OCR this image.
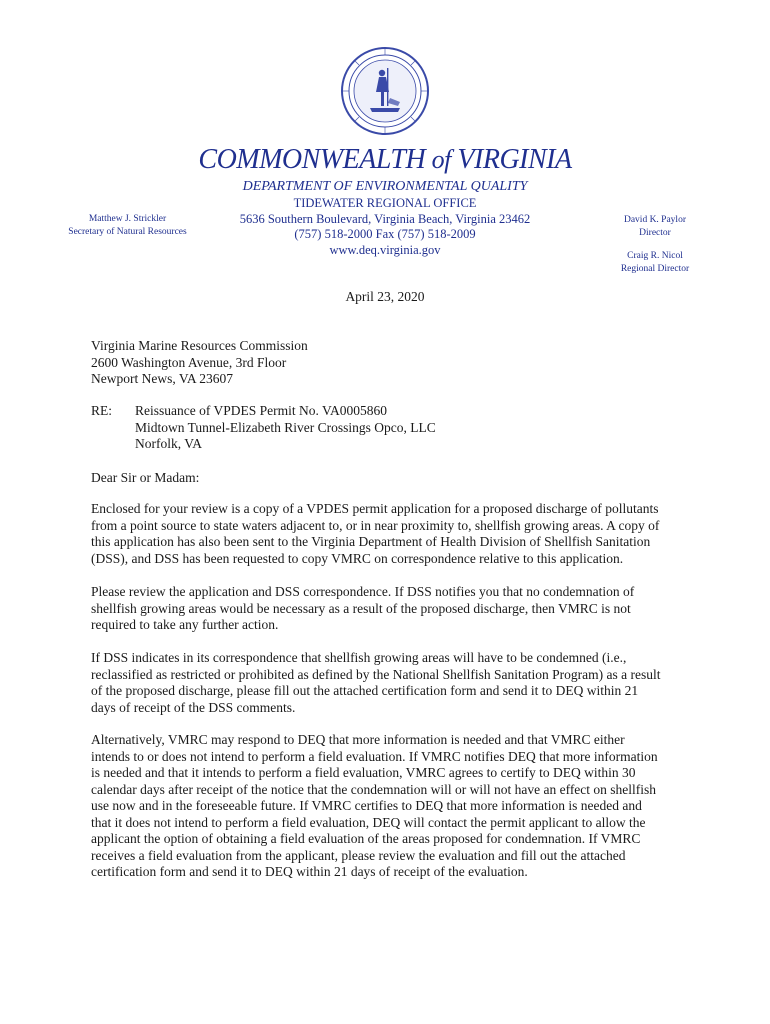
COMMONWEALTH of VIRGINIA
DEPARTMENT OF ENVIRONMENTAL QUALITY
TIDEWATER REGIONAL OFFICE
5636 Southern Boulevard, Virginia Beach, Virginia 23462
(757) 518-2000 Fax (757) 518-2009
www.deq.virginia.gov
Matthew J. Strickler
Secretary of Natural Resources
David K. Paylor
Director
Craig R. Nicol
Regional Director
April 23, 2020
Virginia Marine Resources Commission
2600 Washington Avenue, 3rd Floor
Newport News, VA 23607
RE: Reissuance of VPDES Permit No. VA0005860
Midtown Tunnel-Elizabeth River Crossings Opco, LLC
Norfolk, VA
Dear Sir or Madam:
Enclosed for your review is a copy of a VPDES permit application for a proposed discharge of pollutants
from a point source to state waters adjacent to, or in near proximity to, shellfish growing areas. A copy of
this application has also been sent to the Virginia Department of Health Division of Shellfish Sanitation
(DSS), and DSS has been requested to copy VMRC on correspondence relative to this application.
Please review the application and DSS correspondence. If DSS notifies you that no condemnation of
shellfish growing areas would be necessary as a result of the proposed discharge, then VMRC is not
required to take any further action.
If DSS indicates in its correspondence that shellfish growing areas will have to be condemned (i.e.,
reclassified as restricted or prohibited as defined by the National Shellfish Sanitation Program) as a result
of the proposed discharge, please fill out the attached certification form and send it to DEQ within 21
days of receipt of the DSS comments.
Alternatively, VMRC may respond to DEQ that more information is needed and that VMRC either
intends to or does not intend to perform a field evaluation. If VMRC notifies DEQ that more information
is needed and that it intends to perform a field evaluation, VMRC agrees to certify to DEQ within 30
calendar days after receipt of the notice that the condemnation will or will not have an effect on shellfish
use now and in the foreseeable future. If VMRC certifies to DEQ that more information is needed and
that it does not intend to perform a field evaluation, DEQ will contact the permit applicant to allow the
applicant the option of obtaining a field evaluation of the areas proposed for condemnation. If VMRC
receives a field evaluation from the applicant, please review the evaluation and fill out the attached
certification form and send it to DEQ within 21 days of receipt of the evaluation.
